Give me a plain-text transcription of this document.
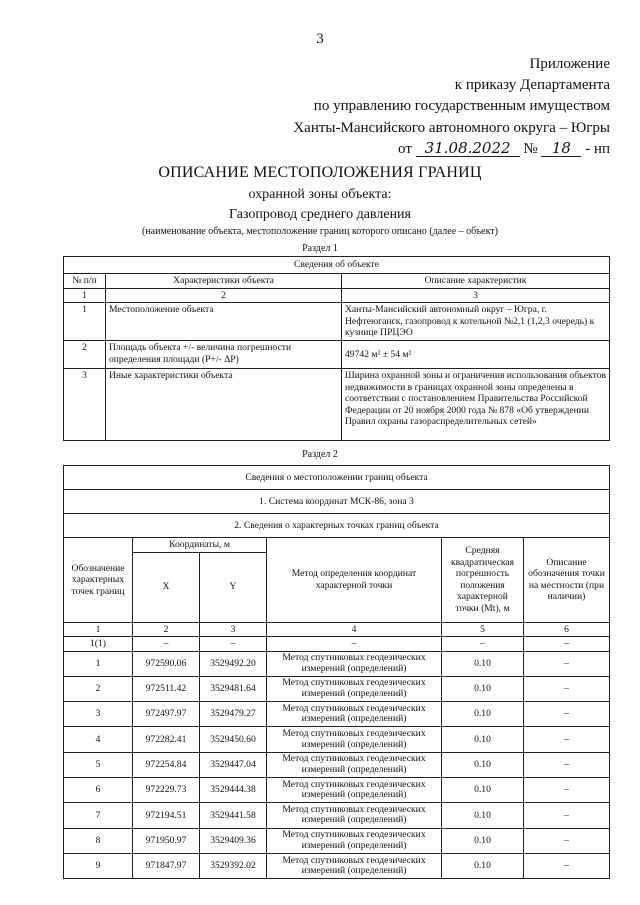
3
Приложение
к приказу Департамента
по управлению государственным имуществом
Ханты-Мансийского автономного округа – Югры
от 31.08.2022 № 18 - нп
ОПИСАНИЕ МЕСТОПОЛОЖЕНИЯ ГРАНИЦ
охранной зоны объекта:
Газопровод среднего давления
(наименование объекта, местоположение границ которого описано (далее – объект)
Раздел 1
Сведения об объекте		
№ п/п	Характеристики объекта	Описание характеристик
1	2	3
1	Местоположение объекта	Ханты-Мансийский автономный округ – Югра, г. Нефтеюганск, газопровод к котельной №2,1 (1,2,3 очередь) к кузнице ПРЦЭО
2	Площадь объекта +/- величина погрешности определения площади (Р+/- ΔР)	49742 м² ± 54 м²
3	Иные характеристики объекта	Ширина охранной зоны и ограничения использования объектов недвижимости в границах охранной зоны определены в соответствии с постановлением Правительства Российской Федерации от 20 ноября 2000 года № 878 «Об утверждении Правил охраны газораспределительных сетей»
Раздел 2
Сведения о местоположении границ объекта					
1. Система координат МСК-86, зона 3					
2. Сведения о характерных точках границ объекта					
Обозначение характерных точек границ	Координаты, м		Метод определения координат характерной точки	Средняя квадратическая погрешность положения характерной точки (Mt), м	Описание обозначения точки на местности (при наличии)
	X	Y			
1	2	3	4	5	6
1(1)	–	–	–	–	–
1	972590.06	3529492.20	Метод спутниковых геодезических измерений (определений)	0.10	–
2	972511.42	3529481.64	Метод спутниковых геодезических измерений (определений)	0.10	–
3	972497.97	3529479.27	Метод спутниковых геодезических измерений (определений)	0.10	–
4	972282.41	3529450.60	Метод спутниковых геодезических измерений (определений)	0.10	–
5	972254.84	3529447.04	Метод спутниковых геодезических измерений (определений)	0.10	–
6	972229.73	3529444.38	Метод спутниковых геодезических измерений (определений)	0.10	–
7	972194.51	3529441.58	Метод спутниковых геодезических измерений (определений)	0.10	–
8	971950.97	3529409.36	Метод спутниковых геодезических измерений (определений)	0.10	–
9	971847.97	3529392.02	Метод спутниковых геодезических измерений (определений)	0.10	–
